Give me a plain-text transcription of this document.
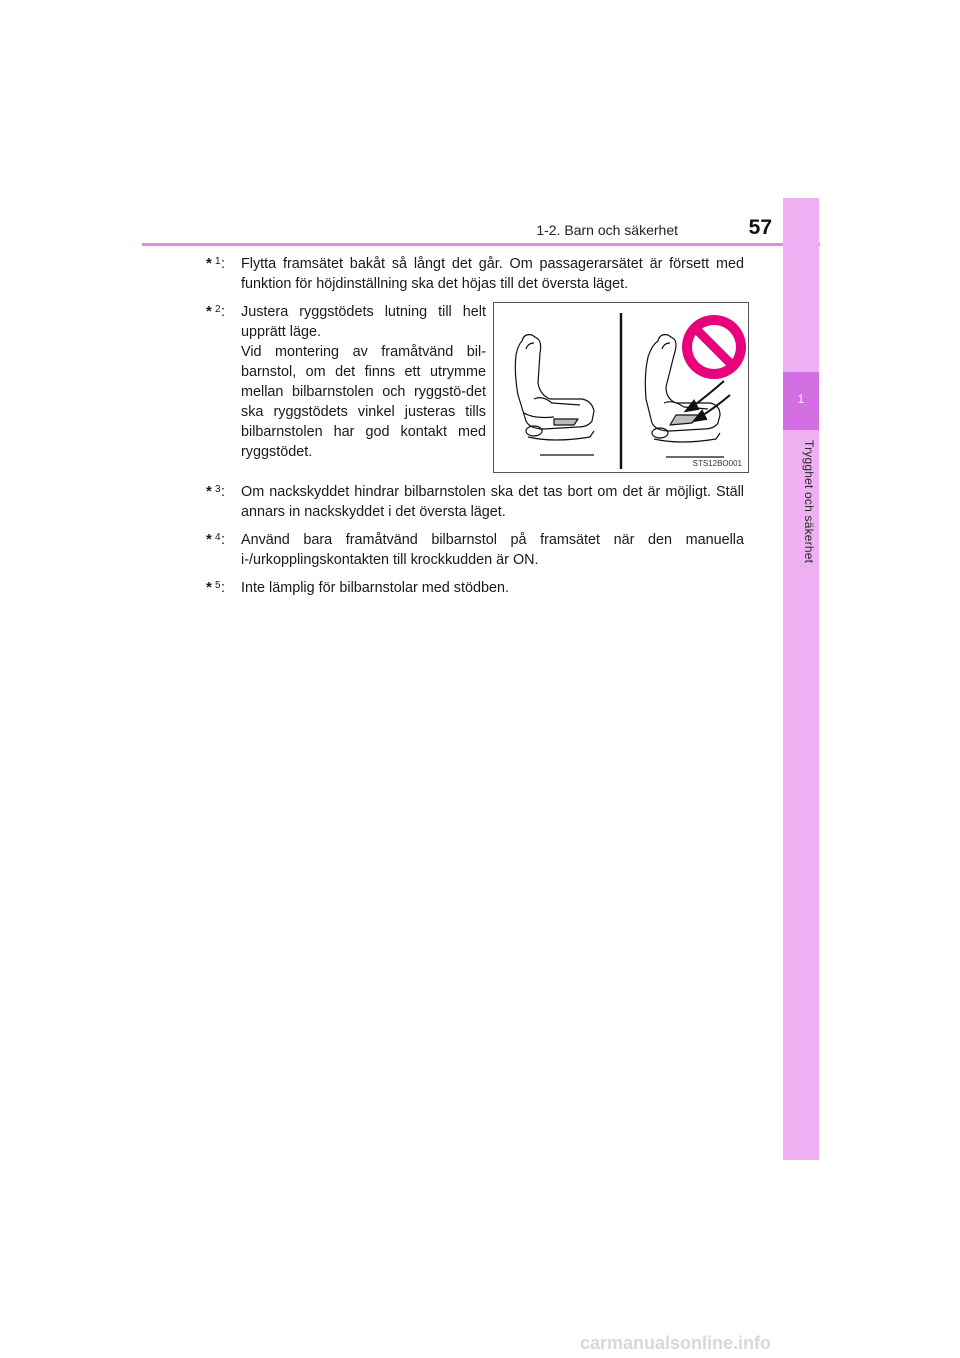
1-2. Barn och säkerhet	57
1
Trygghet och säkerhet
* 1 : Flytta framsätet bakåt så långt det går. Om passagerarsätet är försett med funktion för höjdinställning ska det höjas till det översta läget.
* 2 : Justera ryggstödets lutning till helt upprätt läge.
Vid montering av framåtvänd bil-barnstol, om det finns ett utrymme mellan bilbarnstolen och ryggstö-det ska ryggstödets vinkel justeras tills bilbarnstolen har god kontakt med ryggstödet.
STS12BO001
* 3 : Om nackskyddet hindrar bilbarnstolen ska det tas bort om det är möjligt. Ställ annars in nackskyddet i det översta läget.
* 4 : Använd bara framåtvänd bilbarnstol på framsätet när den manuella i-/urkopplingskontakten till krockkudden är ON.
* 5 : Inte lämplig för bilbarnstolar med stödben.
carmanualsonline.info
